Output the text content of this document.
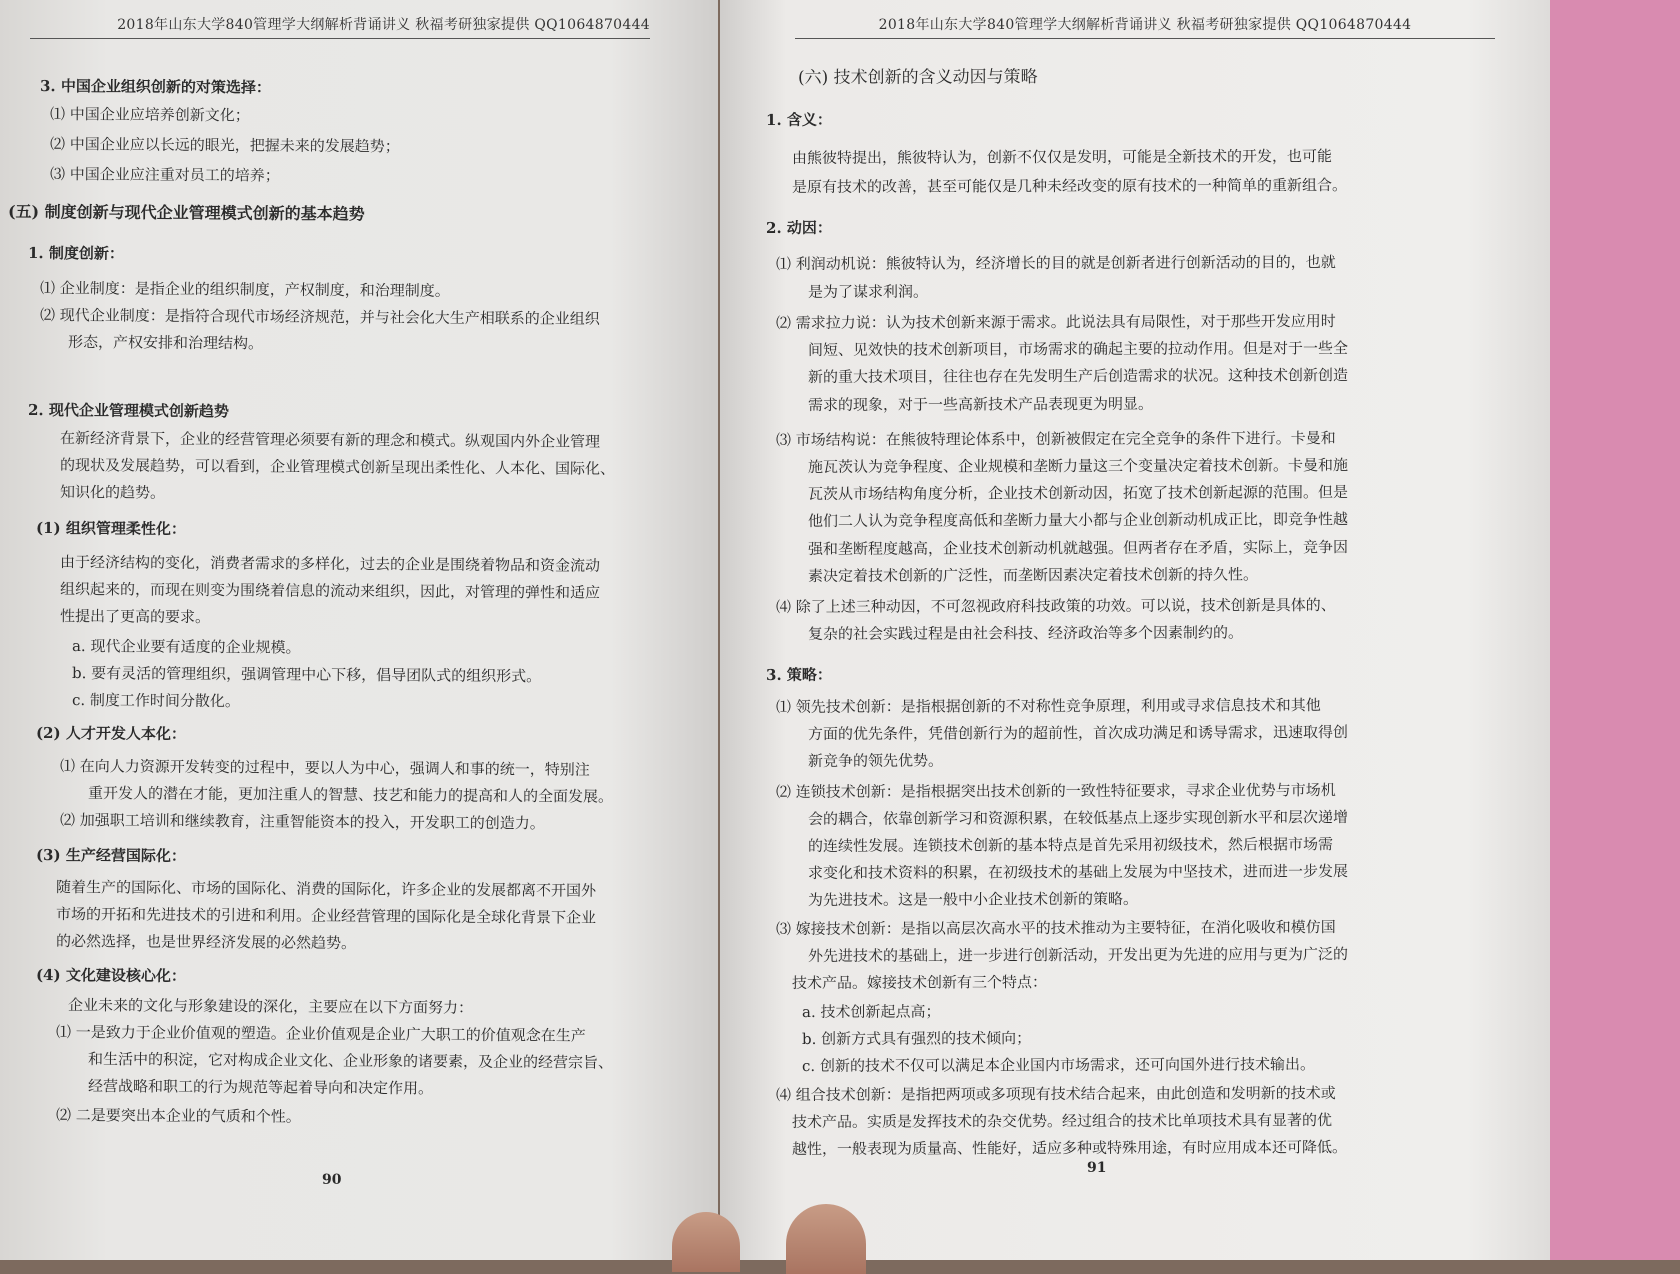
2018年山东大学840管理学大纲解析背诵讲义 秋福考研独家提供 QQ1064870444
3. 中国企业组织创新的对策选择：
⑴ 中国企业应培养创新文化；
⑵ 中国企业应以长远的眼光，把握未来的发展趋势；
⑶ 中国企业应注重对员工的培养；
(五) 制度创新与现代企业管理模式创新的基本趋势
1. 制度创新：
⑴ 企业制度：是指企业的组织制度，产权制度，和治理制度。
⑵ 现代企业制度：是指符合现代市场经济规范，并与社会化大生产相联系的企业组织
形态，产权安排和治理结构。
2. 现代企业管理模式创新趋势
在新经济背景下，企业的经营管理必须要有新的理念和模式。纵观国内外企业管理
的现状及发展趋势，可以看到，企业管理模式创新呈现出柔性化、人本化、国际化、
知识化的趋势。
(1) 组织管理柔性化：
由于经济结构的变化，消费者需求的多样化，过去的企业是围绕着物品和资金流动
组织起来的，而现在则变为围绕着信息的流动来组织，因此，对管理的弹性和适应
性提出了更高的要求。
a. 现代企业要有适度的企业规模。
b. 要有灵活的管理组织，强调管理中心下移，倡导团队式的组织形式。
c. 制度工作时间分散化。
(2) 人才开发人本化：
⑴ 在向人力资源开发转变的过程中，要以人为中心，强调人和事的统一，特别注
重开发人的潜在才能，更加注重人的智慧、技艺和能力的提高和人的全面发展。
⑵ 加强职工培训和继续教育，注重智能资本的投入，开发职工的创造力。
(3) 生产经营国际化：
随着生产的国际化、市场的国际化、消费的国际化，许多企业的发展都离不开国外
市场的开拓和先进技术的引进和利用。企业经营管理的国际化是全球化背景下企业
的必然选择，也是世界经济发展的必然趋势。
(4) 文化建设核心化：
企业未来的文化与形象建设的深化，主要应在以下方面努力：
⑴ 一是致力于企业价值观的塑造。企业价值观是企业广大职工的价值观念在生产
和生活中的积淀，它对构成企业文化、企业形象的诸要素，及企业的经营宗旨、
经营战略和职工的行为规范等起着导向和决定作用。
⑵ 二是要突出本企业的气质和个性。
90
2018年山东大学840管理学大纲解析背诵讲义 秋福考研独家提供 QQ1064870444
(六) 技术创新的含义动因与策略
1. 含义：
由熊彼特提出，熊彼特认为，创新不仅仅是发明，可能是全新技术的开发，也可能
是原有技术的改善，甚至可能仅是几种未经改变的原有技术的一种简单的重新组合。
2. 动因：
⑴ 利润动机说：熊彼特认为，经济增长的目的就是创新者进行创新活动的目的，也就
是为了谋求利润。
⑵ 需求拉力说：认为技术创新来源于需求。此说法具有局限性，对于那些开发应用时
间短、见效快的技术创新项目，市场需求的确起主要的拉动作用。但是对于一些全
新的重大技术项目，往往也存在先发明生产后创造需求的状况。这种技术创新创造
需求的现象，对于一些高新技术产品表现更为明显。
⑶ 市场结构说：在熊彼特理论体系中，创新被假定在完全竞争的条件下进行。卡曼和
施瓦茨认为竞争程度、企业规模和垄断力量这三个变量决定着技术创新。卡曼和施
瓦茨从市场结构角度分析，企业技术创新动因，拓宽了技术创新起源的范围。但是
他们二人认为竞争程度高低和垄断力量大小都与企业创新动机成正比，即竞争性越
强和垄断程度越高，企业技术创新动机就越强。但两者存在矛盾，实际上，竞争因
素决定着技术创新的广泛性，而垄断因素决定着技术创新的持久性。
⑷ 除了上述三种动因，不可忽视政府科技政策的功效。可以说，技术创新是具体的、
复杂的社会实践过程是由社会科技、经济政治等多个因素制约的。
3. 策略：
⑴ 领先技术创新：是指根据创新的不对称性竞争原理，利用或寻求信息技术和其他
方面的优先条件，凭借创新行为的超前性，首次成功满足和诱导需求，迅速取得创
新竞争的领先优势。
⑵ 连锁技术创新：是指根据突出技术创新的一致性特征要求，寻求企业优势与市场机
会的耦合，依靠创新学习和资源积累，在较低基点上逐步实现创新水平和层次递增
的连续性发展。连锁技术创新的基本特点是首先采用初级技术，然后根据市场需
求变化和技术资料的积累，在初级技术的基础上发展为中坚技术，进而进一步发展
为先进技术。这是一般中小企业技术创新的策略。
⑶ 嫁接技术创新：是指以高层次高水平的技术推动为主要特征，在消化吸收和模仿国
外先进技术的基础上，进一步进行创新活动，开发出更为先进的应用与更为广泛的
技术产品。嫁接技术创新有三个特点：
a. 技术创新起点高；
b. 创新方式具有强烈的技术倾向；
c. 创新的技术不仅可以满足本企业国内市场需求，还可向国外进行技术输出。
⑷ 组合技术创新：是指把两项或多项现有技术结合起来，由此创造和发明新的技术或
技术产品。实质是发挥技术的杂交优势。经过组合的技术比单项技术具有显著的优
越性，一般表现为质量高、性能好，适应多种或特殊用途，有时应用成本还可降低。
91
